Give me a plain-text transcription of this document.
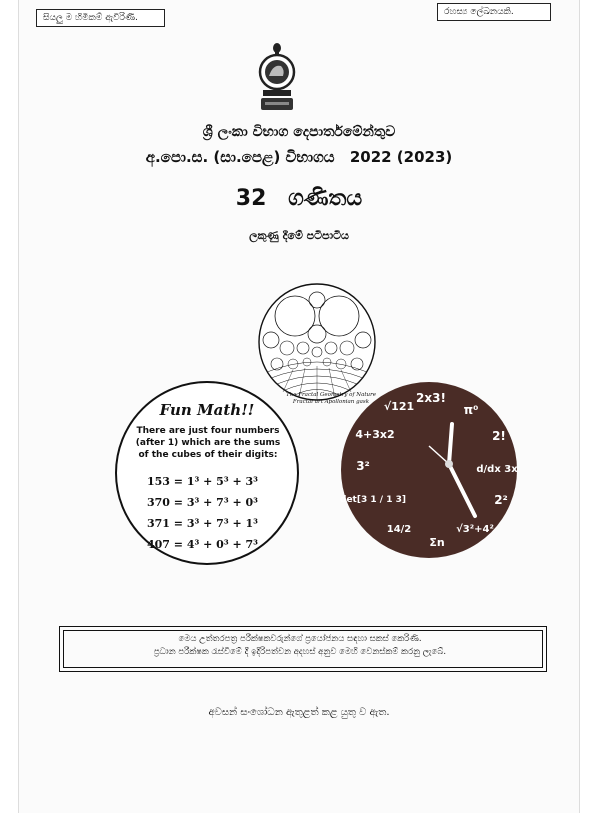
සියලු ම හිමිකම් ඇවිරිණි.
රහස්‍ය ලේඛනයකි.
ශ්‍රී ලංකා විභාග දෙපාර්තමේන්තුව
අ.පො.ස. (සා.පෙළ) විභාගය 2022 (2023)
32 ගණිතය
ලකුණු දීමේ පටිපාටිය
The Fractal Geometry of Nature
Fractal art Apollonian gask
Fun Math!!
There are just four numbers (after 1) which are the sums of the cubes of their digits:
153 = 1³ + 5³ + 3³
370 = 3³ + 7³ + 0³
371 = 3³ + 7³ + 1³
407 = 4³ + 0³ + 7³
2x3!
π⁰
2!
d/dx 3x
2²
√3²+4²
Σn
14/2
det[3 1 / 1 3]
3²
4+3x2
√121
මෙය උත්තරපත්‍ර පරීක්ෂකවරුන්ගේ ප්‍රයෝජනය සඳහා සකස් කෙරිණි.
ප්‍රධාන පරීක්ෂක රැස්වීමේ දී ඉදිරිපත්වන අදහස් අනුව මෙහි වෙනස්කම් කරනු ලැබේ.
අවසන් සංශෝධන ඇතුළත් කළ යුතු ව ඇත.
